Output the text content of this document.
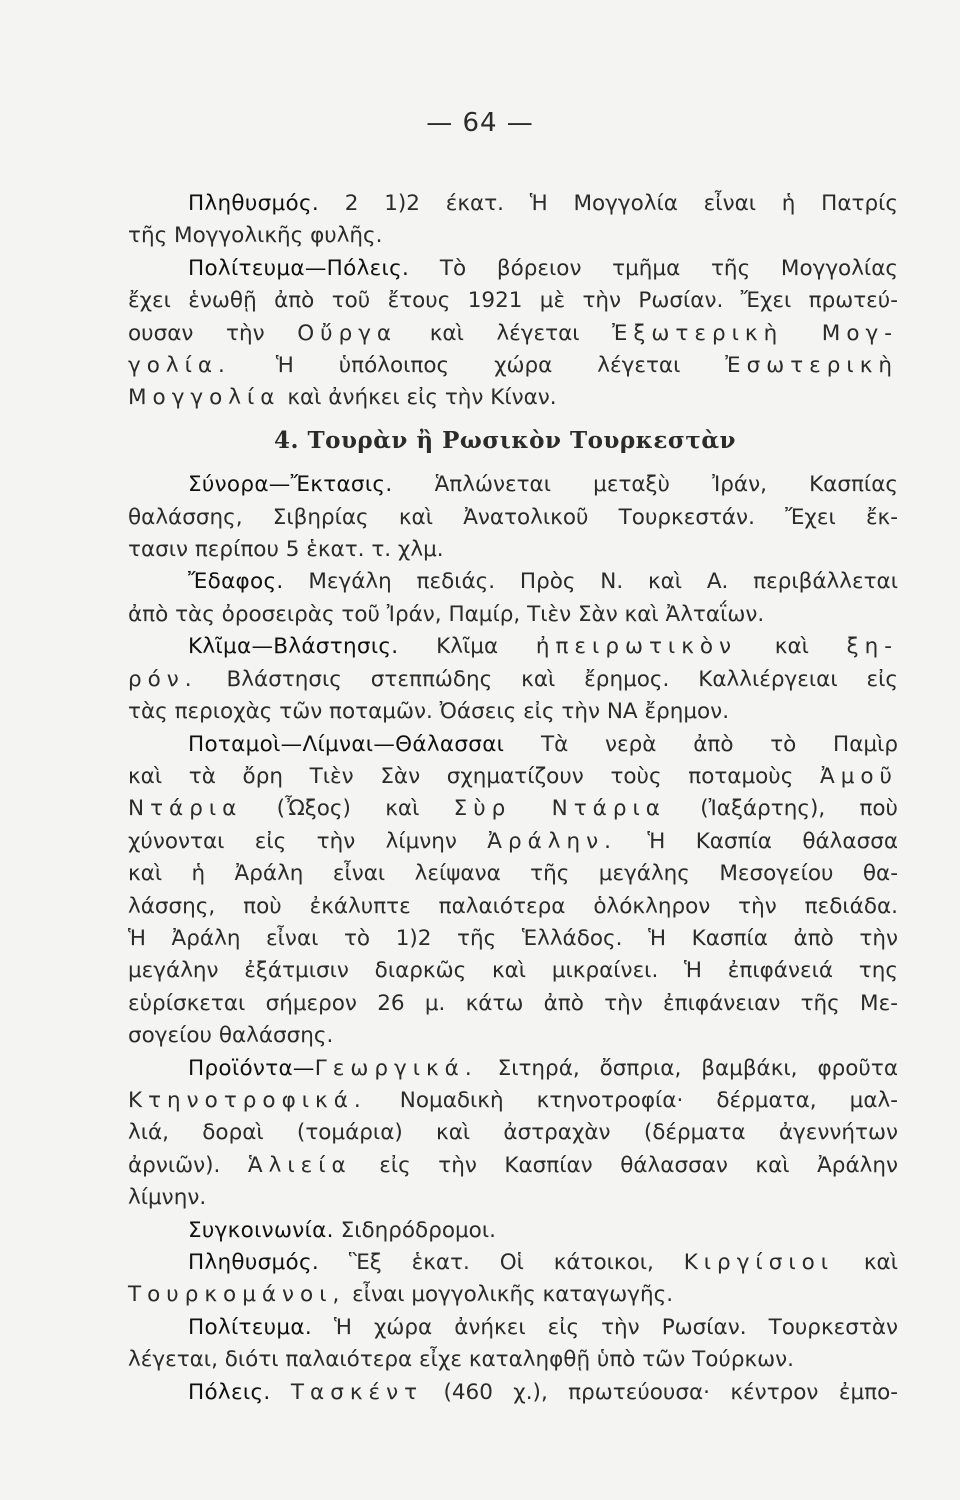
— 64 —
Πληθυσμός. 2 1)2 έκατ. Ἡ Μογγολία εἶναι ἡ Πατρίς
τῆς Μογγολικῆς φυλῆς.
Πολίτευμα—Πόλεις. Τὸ βόρειον τμῆμα τῆς Μογγολίας
ἔχει ἑνωθῇ ἀπὸ τοῦ ἔτους 1921 μὲ τὴν Ρωσίαν. Ἔχει πρωτεύ-
ουσαν τὴν Οὔργα καὶ λέγεται Ἐξωτερικὴ Μογ-
γολία. Ἡ ὑπόλοιπος χώρα λέγεται Ἐσωτερικὴ
Μογγολία καὶ ἀνήκει εἰς τὴν Κίναν.
4. Τουρὰν ἢ Ρωσικὸν Τουρκεστὰν
Σύνορα—Ἔκτασις. Ἁπλώνεται μεταξὺ Ἰράν, Κασπίας
θαλάσσης, Σιβηρίας καὶ Ἀνατολικοῦ Τουρκεστάν. Ἔχει ἔκ-
τασιν περίπου 5 ἑκατ. τ. χλμ.
Ἔδαφος. Μεγάλη πεδιάς. Πρὸς Ν. καὶ Α. περιβάλλεται
ἀπὸ τὰς ὀροσειρὰς τοῦ Ἰράν, Παμίρ, Τιὲν Σὰν καὶ Ἀλταΐων.
Κλῖμα—Βλάστησις. Κλῖμα ἠπειρωτικὸν καὶ ξη-
ρόν. Βλάστησις στεππώδης καὶ ἔρημος. Καλλιέργειαι εἰς
τὰς περιοχὰς τῶν ποταμῶν. Ὀάσεις εἰς τὴν ΝΑ ἔρημον.
Ποταμοὶ—Λίμναι—Θάλασσαι Τὰ νερὰ ἀπὸ τὸ Παμὶρ
καὶ τὰ ὄρη Τιὲν Σὰν σχηματίζουν τοὺς ποταμοὺς Ἀμοῦ
Ντάρια (Ὦξος) καὶ Σὺρ Ντάρια (Ἰαξάρτης), ποὺ
χύνονται εἰς τὴν λίμνην Ἀράλην. Ἡ Κασπία θάλασσα
καὶ ἡ Ἀράλη εἶναι λείψανα τῆς μεγάλης Μεσογείου θα-
λάσσης, ποὺ ἐκάλυπτε παλαιότερα ὁλόκληρον τὴν πεδιάδα.
Ἡ Ἀράλη εἶναι τὸ 1)2 τῆς Ἑλλάδος. Ἡ Κασπία ἀπὸ τὴν
μεγάλην ἐξάτμισιν διαρκῶς καὶ μικραίνει. Ἡ ἐπιφάνειά της
εὑρίσκεται σήμερον 26 μ. κάτω ἀπὸ τὴν ἐπιφάνειαν τῆς Με-
σογείου θαλάσσης.
Προϊόντα—Γεωργικά. Σιτηρά, ὄσπρια, βαμβάκι, φροῦτα
Κτηνοτροφικά. Νομαδικὴ κτηνοτροφία· δέρματα, μαλ-
λιά, δοραὶ (τομάρια) καὶ ἀστραχὰν (δέρματα ἀγεννήτων
ἀρνιῶν). Ἁλιεία εἰς τὴν Κασπίαν θάλασσαν καὶ Ἀράλην
λίμνην.
Συγκοινωνία. Σιδηρόδρομοι.
Πληθυσμός. Ἓξ ἑκατ. Οἱ κάτοικοι, Κιργίσιοι καὶ
Τουρκομάνοι, εἶναι μογγολικῆς καταγωγῆς.
Πολίτευμα. Ἡ χώρα ἀνήκει εἰς τὴν Ρωσίαν. Τουρκεστὰν
λέγεται, διότι παλαιότερα εἶχε καταληφθῇ ὑπὸ τῶν Τούρκων.
Πόλεις. Τασκέντ (460 χ.), πρωτεύουσα· κέντρον ἐμπο-
